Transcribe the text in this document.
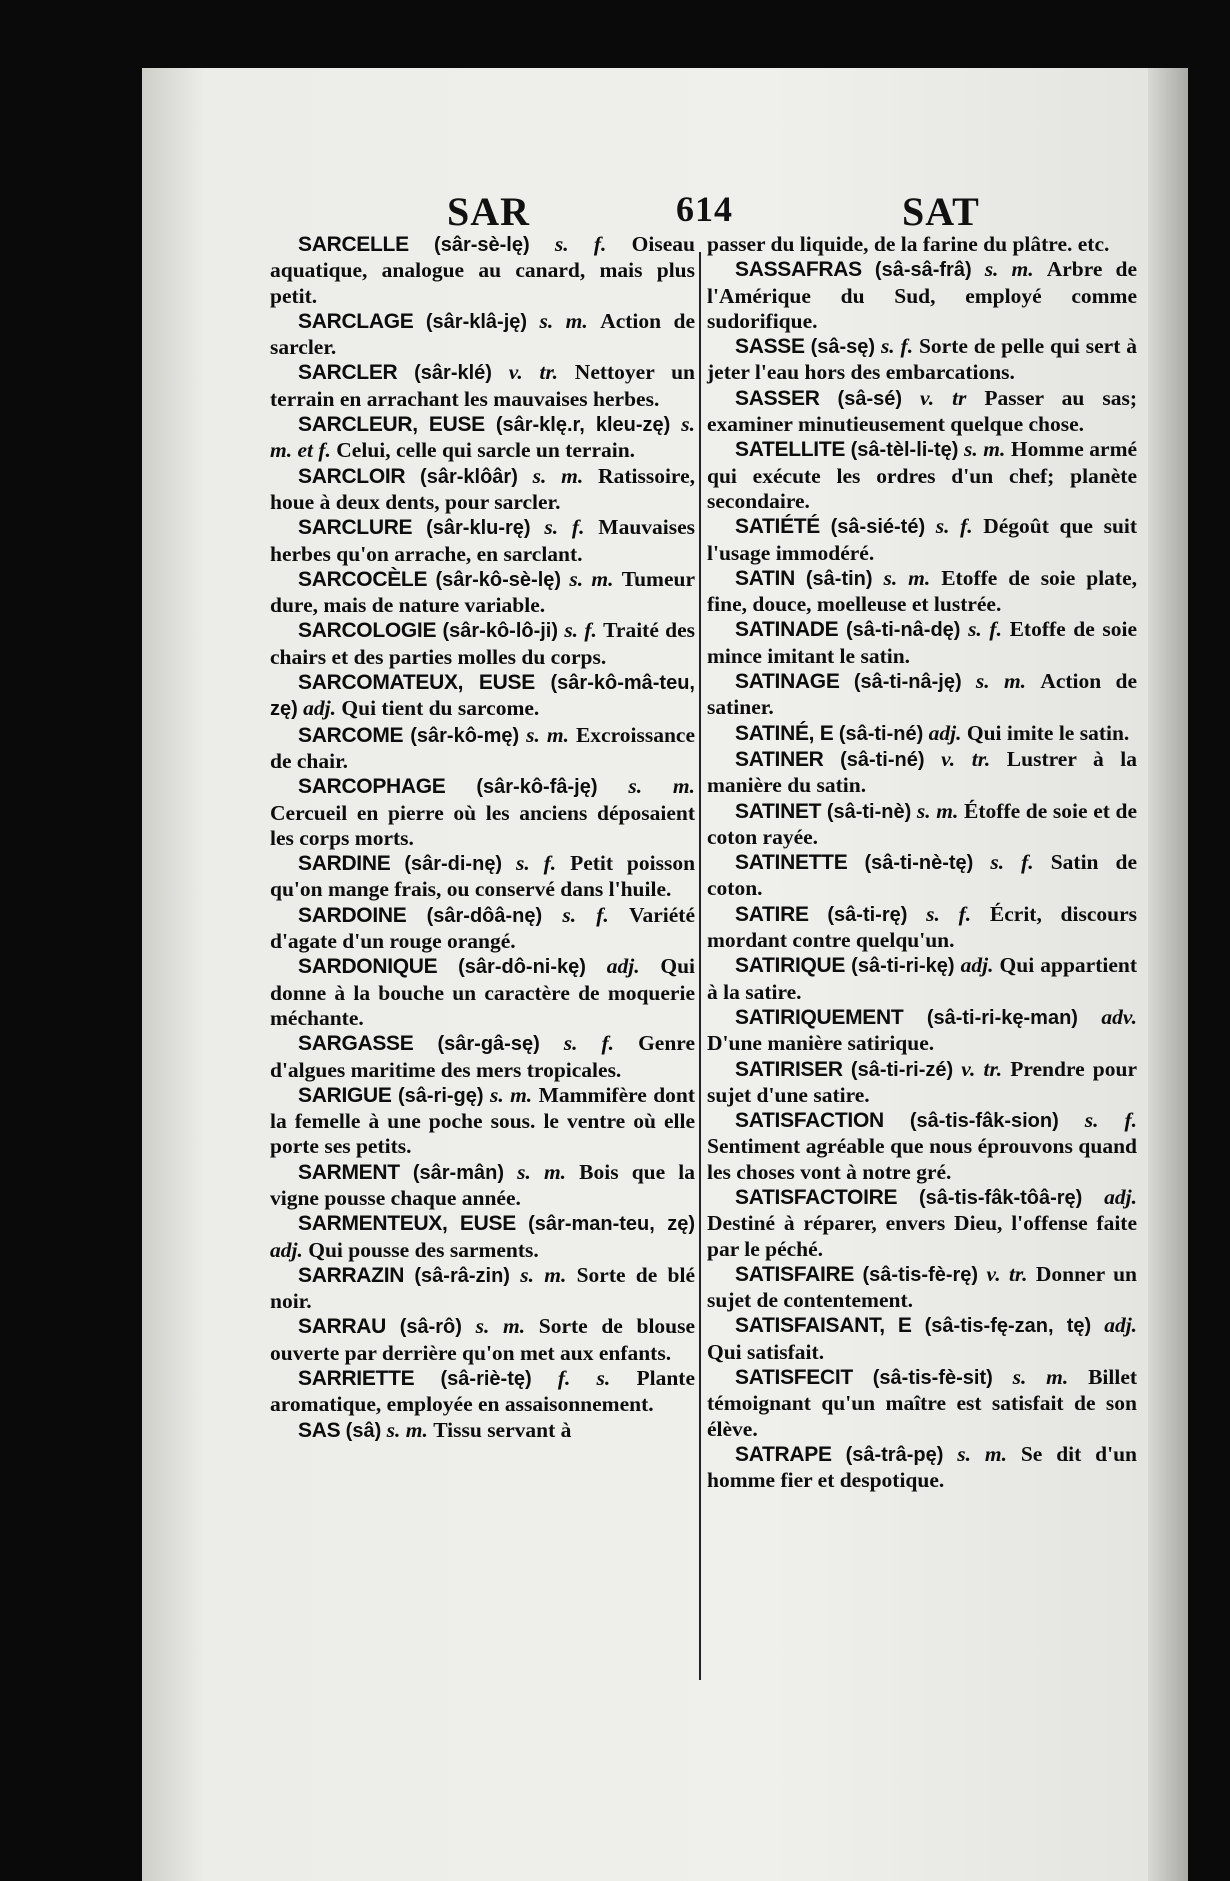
SAR	614	SAT

SARCELLE (sâr-sè-lę) s. f. Oiseau aquatique, analogue au canard, mais plus petit.

SARCLAGE (sâr-klâ-ję) s. m. Action de sarcler.

SARCLER (sâr-klé) v. tr. Nettoyer un terrain en arrachant les mauvaises herbes.

SARCLEUR, EUSE (sâr-klę.r, kleu-zę) s. m. et f. Celui, celle qui sarcle un terrain.

SARCLOIR (sâr-klôâr) s. m. Ratissoire, houe à deux dents, pour sarcler.

SARCLURE (sâr-klu-rę) s. f. Mauvaises herbes qu'on arrache, en sarclant.

SARCOCÈLE (sâr-kô-sè-lę) s. m. Tumeur dure, mais de nature variable.

SARCOLOGIE (sâr-kô-lô-ji) s. f. Traité des chairs et des parties molles du corps.

SARCOMATEUX, EUSE (sâr-kô-mâ-teu, zę) adj. Qui tient du sarcome.

SARCOME (sâr-kô-mę) s. m. Excroissance de chair.

SARCOPHAGE (sâr-kô-fâ-ję) s. m. Cercueil en pierre où les anciens déposaient les corps morts.

SARDINE (sâr-di-nę) s. f. Petit poisson qu'on mange frais, ou conservé dans l'huile.

SARDOINE (sâr-dôâ-nę) s. f. Variété d'agate d'un rouge orangé.

SARDONIQUE (sâr-dô-ni-kę) adj. Qui donne à la bouche un caractère de moquerie méchante.

SARGASSE (sâr-gâ-sę) s. f. Genre d'algues maritime des mers tropicales.

SARIGUE (sâ-ri-gę) s. m. Mammifère dont la femelle à une poche sous. le ventre où elle porte ses petits.

SARMENT (sâr-mân) s. m. Bois que la vigne pousse chaque année.

SARMENTEUX, EUSE (sâr-man-teu, zę) adj. Qui pousse des sarments.

SARRAZIN (sâ-râ-zin) s. m. Sorte de blé noir.

SARRAU (sâ-rô) s. m. Sorte de blouse ouverte par derrière qu'on met aux enfants.

SARRIETTE (sâ-riè-tę) f. s. Plante aromatique, employée en assaisonnement.

SAS (sâ) s. m. Tissu servant à

passer du liquide, de la farine du plâtre. etc.

SASSAFRAS (sâ-sâ-frâ) s. m. Arbre de l'Amérique du Sud, employé comme sudorifique.

SASSE (sâ-sę) s. f. Sorte de pelle qui sert à jeter l'eau hors des embarcations.

SASSER (sâ-sé) v. tr Passer au sas; examiner minutieusement quelque chose.

SATELLITE (sâ-tèl-li-tę) s. m. Homme armé qui exécute les ordres d'un chef; planète secondaire.

SATIÉTÉ (sâ-sié-té) s. f. Dégoût que suit l'usage immodéré.

SATIN (sâ-tin) s. m. Etoffe de soie plate, fine, douce, moelleuse et lustrée.

SATINADE (sâ-ti-nâ-dę) s. f. Etoffe de soie mince imitant le satin.

SATINAGE (sâ-ti-nâ-ję) s. m. Action de satiner.

SATINÉ, E (sâ-ti-né) adj. Qui imite le satin.

SATINER (sâ-ti-né) v. tr. Lustrer à la manière du satin.

SATINET (sâ-ti-nè) s. m. Étoffe de soie et de coton rayée.

SATINETTE (sâ-ti-nè-tę) s. f. Satin de coton.

SATIRE (sâ-ti-rę) s. f. Écrit, discours mordant contre quelqu'un.

SATIRIQUE (sâ-ti-ri-kę) adj. Qui appartient à la satire.

SATIRIQUEMENT (sâ-ti-ri-kę-man) adv. D'une manière satirique.

SATIRISER (sâ-ti-ri-zé) v. tr. Prendre pour sujet d'une satire.

SATISFACTION (sâ-tis-fâk-sion) s. f. Sentiment agréable que nous éprouvons quand les choses vont à notre gré.

SATISFACTOIRE (sâ-tis-fâk-tôâ-rę) adj. Destiné à réparer, envers Dieu, l'offense faite par le péché.

SATISFAIRE (sâ-tis-fè-rę) v. tr. Donner un sujet de contentement.

SATISFAISANT, E (sâ-tis-fę-zan, tę) adj. Qui satisfait.

SATISFECIT (sâ-tis-fè-sit) s. m. Billet témoignant qu'un maître est satisfait de son élève.

SATRAPE (sâ-trâ-pę) s. m. Se dit d'un homme fier et despotique.
